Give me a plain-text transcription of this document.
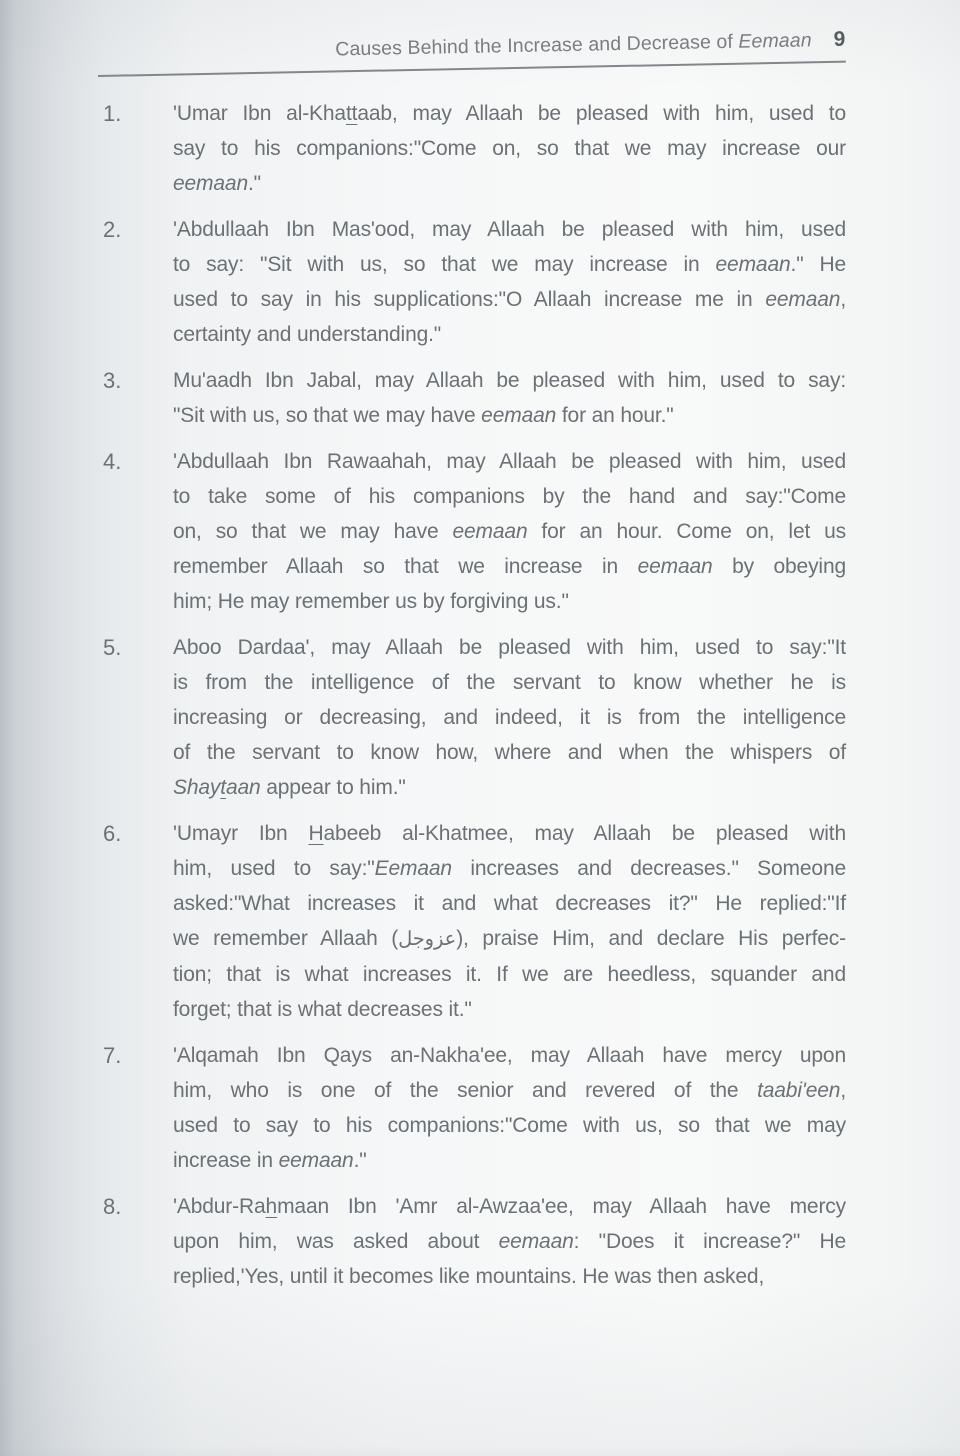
Causes Behind the Increase and Decrease of Eemaan 9
1. 'Umar Ibn al-Khattaab, may Allaah be pleased with him, used to
say to his companions:"Come on, so that we may increase our
eemaan."
2. 'Abdullaah Ibn Mas'ood, may Allaah be pleased with him, used
to say: "Sit with us, so that we may increase in eemaan." He
used to say in his supplications:"O Allaah increase me in eemaan,
certainty and understanding."
3. Mu'aadh Ibn Jabal, may Allaah be pleased with him, used to say:
"Sit with us, so that we may have eemaan for an hour."
4. 'Abdullaah Ibn Rawaahah, may Allaah be pleased with him, used
to take some of his companions by the hand and say:"Come
on, so that we may have eemaan for an hour. Come on, let us
remember Allaah so that we increase in eemaan by obeying
him; He may remember us by forgiving us."
5. Aboo Dardaa', may Allaah be pleased with him, used to say:"It
is from the intelligence of the servant to know whether he is
increasing or decreasing, and indeed, it is from the intelligence
of the servant to know how, where and when the whispers of
Shaytaan appear to him."
6. 'Umayr Ibn Habeeb al-Khatmee, may Allaah be pleased with
him, used to say:"Eemaan increases and decreases." Someone
asked:"What increases it and what decreases it?" He replied:"If
we remember Allaah (عزوجل), praise Him, and declare His perfec-
tion; that is what increases it. If we are heedless, squander and
forget; that is what decreases it."
7. 'Alqamah Ibn Qays an-Nakha'ee, may Allaah have mercy upon
him, who is one of the senior and revered of the taabi'een,
used to say to his companions:"Come with us, so that we may
increase in eemaan."
8. 'Abdur-Rahmaan Ibn 'Amr al-Awzaa'ee, may Allaah have mercy
upon him, was asked about eemaan: "Does it increase?" He
replied,'Yes, until it becomes like mountains. He was then asked,
